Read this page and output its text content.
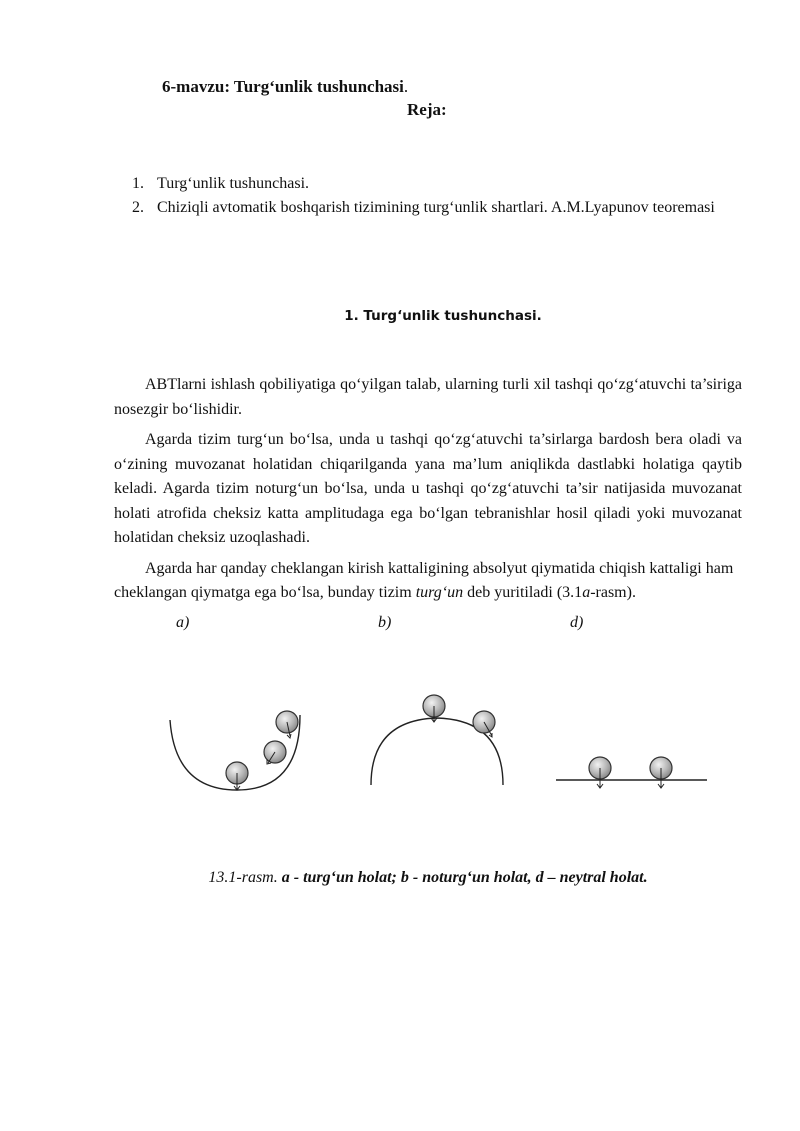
6-mavzu: Turg‘unlik tushunchasi.
Reja:
1. Turg‘unlik tushunchasi.
2. Chiziqli avtomatik boshqarish tizimining turg‘unlik shartlari. A.M.Lyapunov teoremasi
1. Turg‘unlik tushunchasi.

ABTlarni ishlash qobiliyatiga qo‘yilgan talab, ularning turli xil tashqi qo‘zg‘atuvchi ta’siriga nosezgir bo‘lishidir.

Agarda tizim turg‘un bo‘lsa, unda u tashqi qo‘zg‘atuvchi ta’sirlarga bardosh bera oladi va o‘zining muvozanat holatidan chiqarilganda yana ma’lum aniqlikda dastlabki holatiga qaytib keladi. Agarda tizim noturg‘un bo‘lsa, unda u tashqi qo‘zg‘atuvchi ta’sir natijasida muvozanat holati atrofida cheksiz katta amplitudaga ega bo‘lgan tebranishlar hosil qiladi yoki muvozanat holatidan cheksiz uzoqlashadi.

Agarda har qanday cheklangan kirish kattaligining absolyut qiymatida chiqish kattaligi ham cheklangan qiymatga ega bo‘lsa, bunday tizim turg‘un deb yuritiladi (3.1a-rasm).

a)	b)	d)
13.1-rasm. a - turg‘un holat; b - noturg‘un holat, d – neytral holat.
